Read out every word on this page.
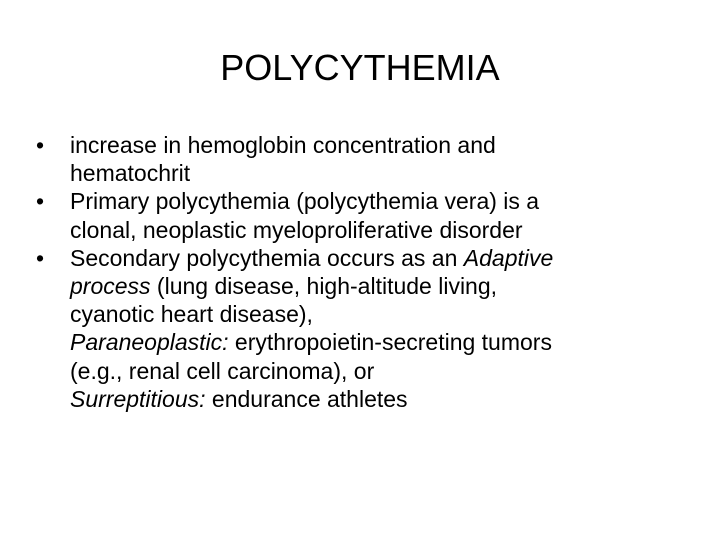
POLYCYTHEMIA
•	increase in hemoglobin concentration and
hematochrit
•	Primary polycythemia (polycythemia vera) is a
clonal, neoplastic myeloproliferative disorder
•	Secondary polycythemia occurs as an Adaptive
process (lung disease, high-altitude living,
cyanotic heart disease),
Paraneoplastic: erythropoietin-secreting tumors
(e.g., renal cell carcinoma), or
Surreptitious: endurance athletes
